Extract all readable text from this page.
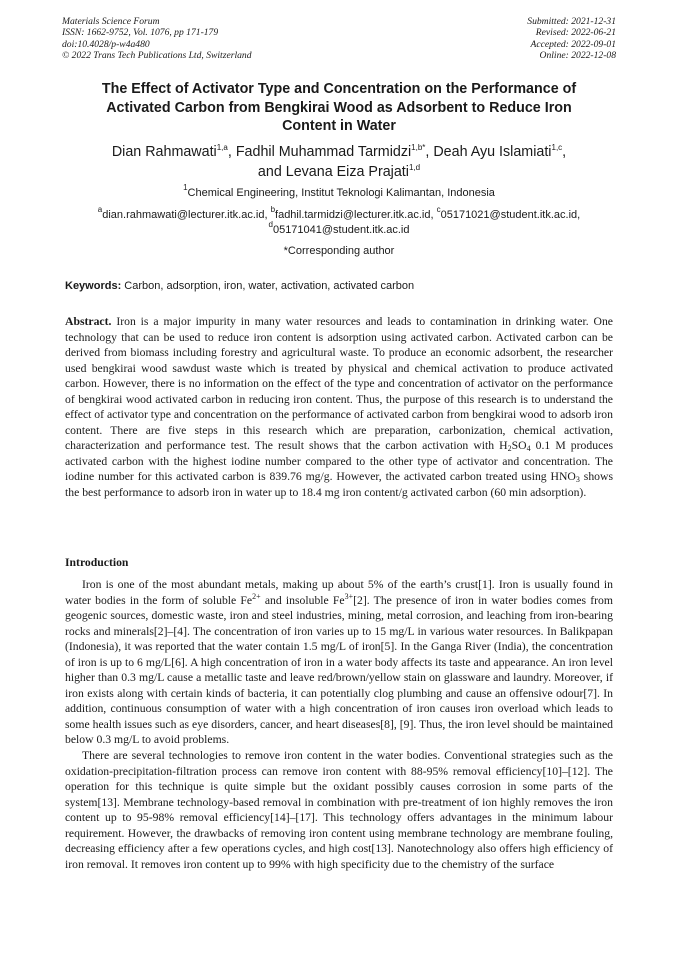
Materials Science Forum
ISSN: 1662-9752, Vol. 1076, pp 171-179
doi:10.4028/p-w4a480
© 2022 Trans Tech Publications Ltd, Switzerland
Submitted: 2021-12-31
Revised: 2022-06-21
Accepted: 2022-09-01
Online: 2022-12-08
The Effect of Activator Type and Concentration on the Performance of
Activated Carbon from Bengkirai Wood as Adsorbent to Reduce Iron
Content in Water
Dian Rahmawati$^{1,a}$, Fadhil Muhammad Tarmidzi$^{1,b*}$, Deah Ayu Islamiati$^{1,c}$,
and Levana Eiza Prajati$^{1,d}$
$^1$Chemical Engineering, Institut Teknologi Kalimantan, Indonesia
$^a$dian.rahmawati@lecturer.itk.ac.id, $^b$fadhil.tarmidzi@lecturer.itk.ac.id, $^c$05171021@student.itk.ac.id,
$^d$05171041@student.itk.ac.id
*Corresponding author
Keywords: Carbon, adsorption, iron, water, activation, activated carbon
Abstract. Iron is a major impurity in many water resources and leads to contamination in drinking water. One technology that can be used to reduce iron content is adsorption using activated carbon. Activated carbon can be derived from biomass including forestry and agricultural waste. To produce an economic adsorbent, the researcher used bengkirai wood sawdust waste which is treated by physical and chemical activation to produce activated carbon. However, there is no information on the effect of the type and concentration of activator on the performance of bengkirai wood activated carbon in reducing iron content. Thus, the purpose of this research is to understand the effect of activator type and concentration on the performance of activated carbon from bengkirai wood to adsorb iron content. There are five steps in this research which are preparation, carbonization, chemical activation, characterization and performance test. The result shows that the carbon activation with $H_2SO_4$ 0.1 M produces activated carbon with the highest iodine number compared to the other type of activator and concentration. The iodine number for this activated carbon is 839.76 mg/g. However, the activated carbon treated using $HNO_3$ shows the best performance to adsorb iron in water up to 18.4 mg iron content/g activated carbon (60 min adsorption).
Introduction

Iron is one of the most abundant metals, making up about 5% of the earth’s crust[1]. Iron is usually found in water bodies in the form of soluble $Fe^{2+}$ and insoluble $Fe^{3+}[2]$. The presence of iron in water bodies comes from geogenic sources, domestic waste, iron and steel industries, mining, metal corrosion, and leaching from iron-bearing rocks and minerals[2]–[4]. The concentration of iron varies up to 15 mg/L in various water resources. In Balikpapan (Indonesia), it was reported that the water contain 1.5 mg/L of iron[5]. In the Ganga River (India), the concentration of iron is up to 6 mg/L[6]. A high concentration of iron in a water body affects its taste and appearance. An iron level higher than 0.3 mg/L cause a metallic taste and leave red/brown/yellow stain on glassware and laundry. Moreover, if iron exists along with certain kinds of bacteria, it can potentially clog plumbing and cause an offensive odour[7]. In addition, continuous consumption of water with a high concentration of iron causes iron overload which leads to some health issues such as eye disorders, cancer, and heart diseases[8], [9]. Thus, the iron level should be maintained below 0.3 mg/L to avoid problems.

There are several technologies to remove iron content in the water bodies. Conventional strategies such as the oxidation-precipitation-filtration process can remove iron content with 88-95% removal efficiency[10]–[12]. The operation for this technique is quite simple but the oxidant possibly causes corrosion in some parts of the system[13]. Membrane technology-based removal in combination with pre-treatment of ion highly removes the iron content up to 95-98% removal efficiency[14]–[17]. This technology offers advantages in the minimum labour requirement. However, the drawbacks of removing iron content using membrane technology are membrane fouling, decreasing efficiency after a few operations cycles, and high cost[13]. Nanotechnology also offers high efficiency of iron removal. It removes iron content up to 99% with high specificity due to the chemistry of the surface
